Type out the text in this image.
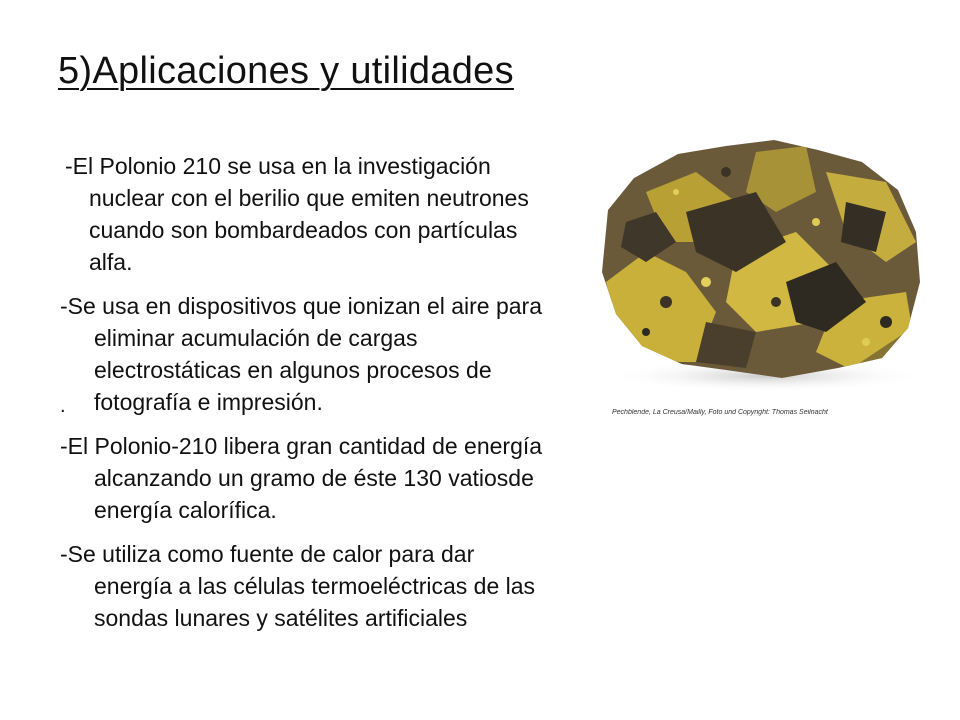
5)Aplicaciones y utilidades
-El Polonio 210 se usa en la investigación nuclear con el berilio que emiten neutrones cuando son bombardeados con partículas alfa.
-Se usa en dispositivos que ionizan el aire para eliminar acumulación de cargas electrostáticas en algunos procesos de fotografía e impresión.
-El Polonio-210 libera gran cantidad de energía alcanzando un gramo de éste 130 vatiosde energía calorífica.
-Se utiliza como fuente de calor para dar energía a las células termoeléctricas de las sondas lunares y satélites artificiales
.	Pechblende, La Creusa/Mailly, Foto und Copyright: Thomas Seilnacht
